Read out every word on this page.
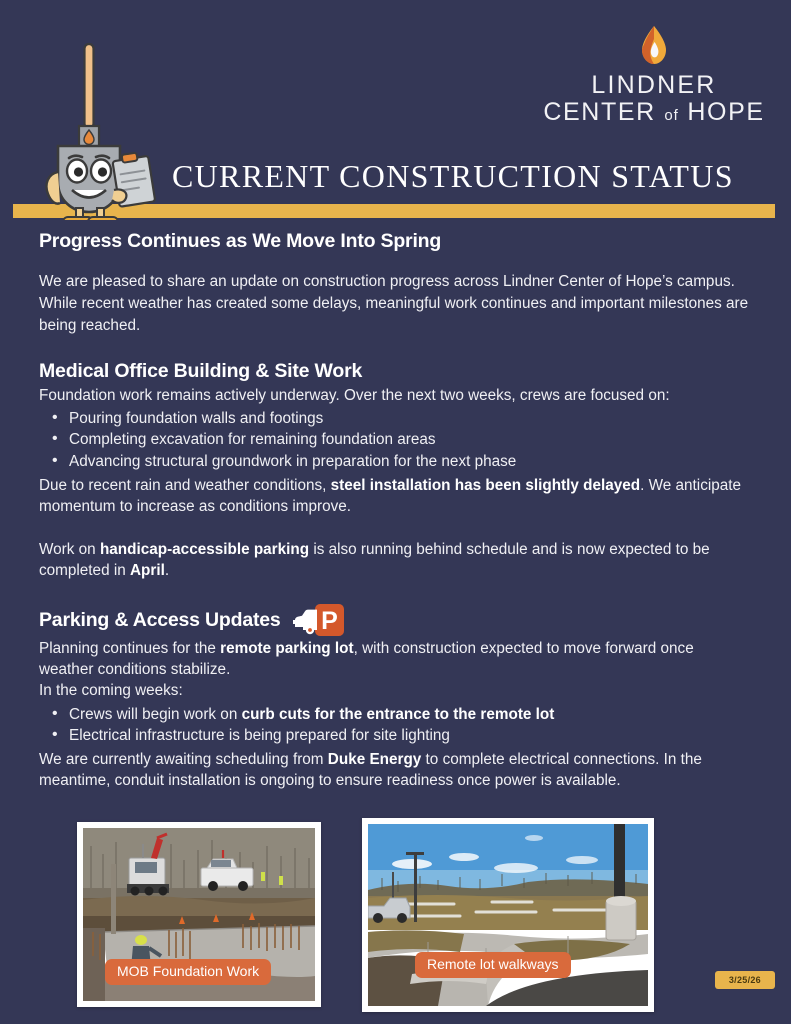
LINDNER
CENTER of HOPE
CURRENT CONSTRUCTION STATUS
Progress Continues as We Move Into Spring

We are pleased to share an update on construction progress across Lindner Center of Hope’s campus. While recent weather has created some delays, meaningful work continues and important milestones are being reached.

Medical Office Building & Site Work

Foundation work remains actively underway. Over the next two weeks, crews are focused on:

• Pouring foundation walls and footings
• Completing excavation for remaining foundation areas
• Advancing structural groundwork in preparation for the next phase

Due to recent rain and weather conditions, steel installation has been slightly delayed. We anticipate momentum to increase as conditions improve.

Work on handicap-accessible parking is also running behind schedule and is now expected to be completed in April.

Parking & Access Updates P

Planning continues for the remote parking lot, with construction expected to move forward once weather conditions stabilize.

In the coming weeks:

• Crews will begin work on curb cuts for the entrance to the remote lot
• Electrical infrastructure is being prepared for site lighting

We are currently awaiting scheduling from Duke Energy to complete electrical connections. In the meantime, conduit installation is ongoing to ensure readiness once power is available.

MOB Foundation Work	Remote lot walkways
3/25/26
